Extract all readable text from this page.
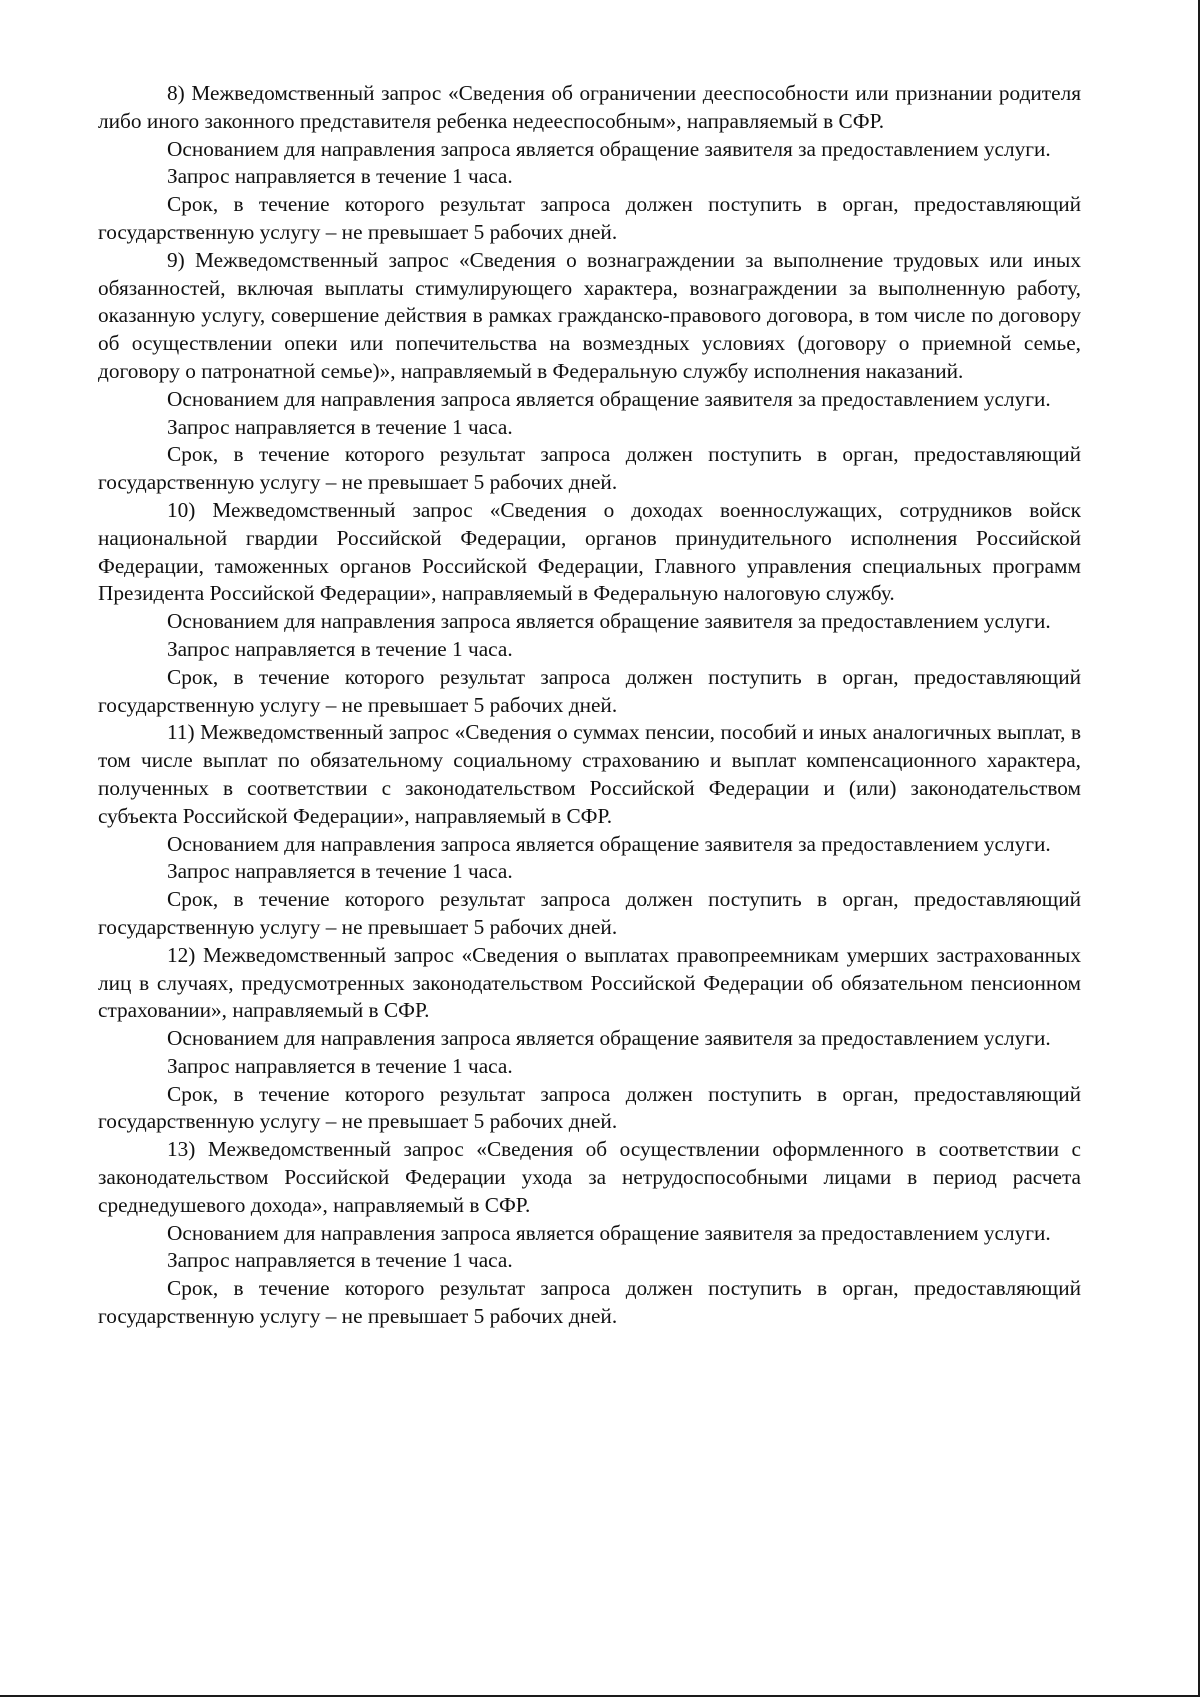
8) Межведомственный запрос «Сведения об ограничении дееспособности или признании родителя либо иного законного представителя ребенка недееспособным», направляемый в СФР.

Основанием для направления запроса является обращение заявителя за предоставлением услуги.

Запрос направляется в течение 1 часа.

Срок, в течение которого результат запроса должен поступить в орган, предоставляющий государственную услугу – не превышает 5 рабочих дней.

9) Межведомственный запрос «Сведения о вознаграждении за выполнение трудовых или иных обязанностей, включая выплаты стимулирующего характера, вознаграждении за выполненную работу, оказанную услугу, совершение действия в рамках гражданско-правового договора, в том числе по договору об осуществлении опеки или попечительства на возмездных условиях (договору о приемной семье, договору о патронатной семье)», направляемый в Федеральную службу исполнения наказаний.

Основанием для направления запроса является обращение заявителя за предоставлением услуги.

Запрос направляется в течение 1 часа.

Срок, в течение которого результат запроса должен поступить в орган, предоставляющий государственную услугу – не превышает 5 рабочих дней.

10) Межведомственный запрос «Сведения о доходах военнослужащих, сотрудников войск национальной гвардии Российской Федерации, органов принудительного исполнения Российской Федерации, таможенных органов Российской Федерации, Главного управления специальных программ Президента Российской Федерации», направляемый в Федеральную налоговую службу.

Основанием для направления запроса является обращение заявителя за предоставлением услуги.

Запрос направляется в течение 1 часа.

Срок, в течение которого результат запроса должен поступить в орган, предоставляющий государственную услугу – не превышает 5 рабочих дней.

11) Межведомственный запрос «Сведения о суммах пенсии, пособий и иных аналогичных выплат, в том числе выплат по обязательному социальному страхованию и выплат компенсационного характера, полученных в соответствии с законодательством Российской Федерации и (или) законодательством субъекта Российской Федерации», направляемый в СФР.

Основанием для направления запроса является обращение заявителя за предоставлением услуги.

Запрос направляется в течение 1 часа.

Срок, в течение которого результат запроса должен поступить в орган, предоставляющий государственную услугу – не превышает 5 рабочих дней.

12) Межведомственный запрос «Сведения о выплатах правопреемникам умерших застрахованных лиц в случаях, предусмотренных законодательством Российской Федерации об обязательном пенсионном страховании», направляемый в СФР.

Основанием для направления запроса является обращение заявителя за предоставлением услуги.

Запрос направляется в течение 1 часа.

Срок, в течение которого результат запроса должен поступить в орган, предоставляющий государственную услугу – не превышает 5 рабочих дней.

13) Межведомственный запрос «Сведения об осуществлении оформленного в соответствии с законодательством Российской Федерации ухода за нетрудоспособными лицами в период расчета среднедушевого дохода», направляемый в СФР.

Основанием для направления запроса является обращение заявителя за предоставлением услуги.

Запрос направляется в течение 1 часа.

Срок, в течение которого результат запроса должен поступить в орган, предоставляющий государственную услугу – не превышает 5 рабочих дней.
